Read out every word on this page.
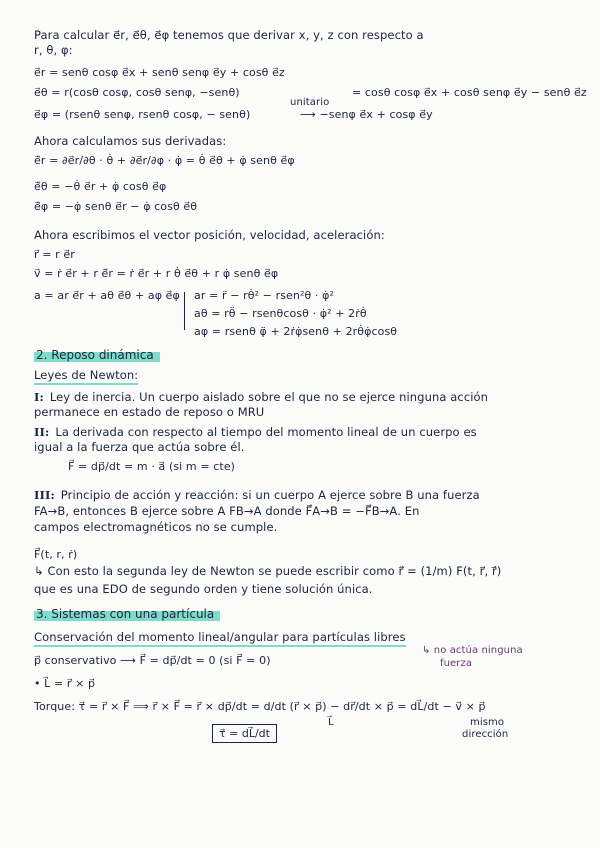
Para calcular e⃗r, e⃗θ, e⃗φ tenemos que derivar x, y, z con respecto a
r, θ, φ:
e⃗r = senθ cosφ e⃗x + senθ senφ e⃗y + cosθ e⃗z
e⃗θ = r(cosθ cosφ, cosθ senφ, −senθ)
unitario
= cosθ cosφ e⃗x + cosθ senφ e⃗y − senθ e⃗z
e⃗φ = (rsenθ senφ, rsenθ cosφ, − senθ)	⟶ −senφ e⃗x + cosφ e⃗y
Ahora calculamos sus derivadas:
e⃗̇r = ∂e⃗r/∂θ · θ̇ + ∂e⃗r/∂φ · φ̇ = θ̇ e⃗θ + φ̇ senθ e⃗φ
e⃗̇θ = −θ̇ e⃗r + φ̇ cosθ e⃗φ
e⃗̇φ = −φ̇ senθ e⃗r − φ̇ cosθ e⃗θ
Ahora escribimos el vector posición, velocidad, aceleración:
r⃗ = r e⃗r
v⃗ = ṙ e⃗r + r e⃗̇r = ṙ e⃗r + r θ̇ e⃗θ + r φ̇ senθ e⃗φ
a = ar e⃗r + aθ e⃗θ + aφ e⃗φ ar = r̈ − rθ̇² − rsen²θ · φ̇²
aθ = rθ̈ − rsenθcosθ · φ̇² + 2ṙθ̇
aφ = rsenθ φ̈ + 2ṙφ̇senθ + 2rθ̇φ̇cosθ
2. Reposo dinámica
Leyes de Newton:
I: Ley de inercia. Un cuerpo aislado sobre el que no se ejerce ninguna acción
permanece en estado de reposo o MRU
II: La derivada con respecto al tiempo del momento lineal de un cuerpo es
igual a la fuerza que actúa sobre él.
F⃗ = dp⃗/dt = m · a⃗ (si m = cte)
III: Principio de acción y reacción: si un cuerpo A ejerce sobre B una fuerza
FA→B, entonces B ejerce sobre A FB→A donde F⃗A→B = −F⃗B→A. En
campos electromagnéticos no se cumple.
F⃗(t, r, ṙ)
↳ Con esto la segunda ley de Newton se puede escribir como r⃗̈ = (1/m) F(t, r⃗, ṙ⃗)
que es una EDO de segundo orden y tiene solución única.
3. Sistemas con una partícula
Conservación del momento lineal/angular para partículas libres
p⃗ conservativo ⟶ F⃗ = dp⃗/dt = 0 (si F⃗ = 0)
↳ no actúa ninguna
fuerza
• L⃗ = r⃗ × p⃗
Torque: τ⃗ = r⃗ × F⃗ ⟹ r⃗ × F⃗ = r⃗ × dp⃗/dt = d/dt (r⃗ × p⃗) − dr⃗/dt × p⃗ = dL⃗/dt − v⃗ × p⃗
L⃗
τ⃗ = dL⃗/dt
mismo
dirección
